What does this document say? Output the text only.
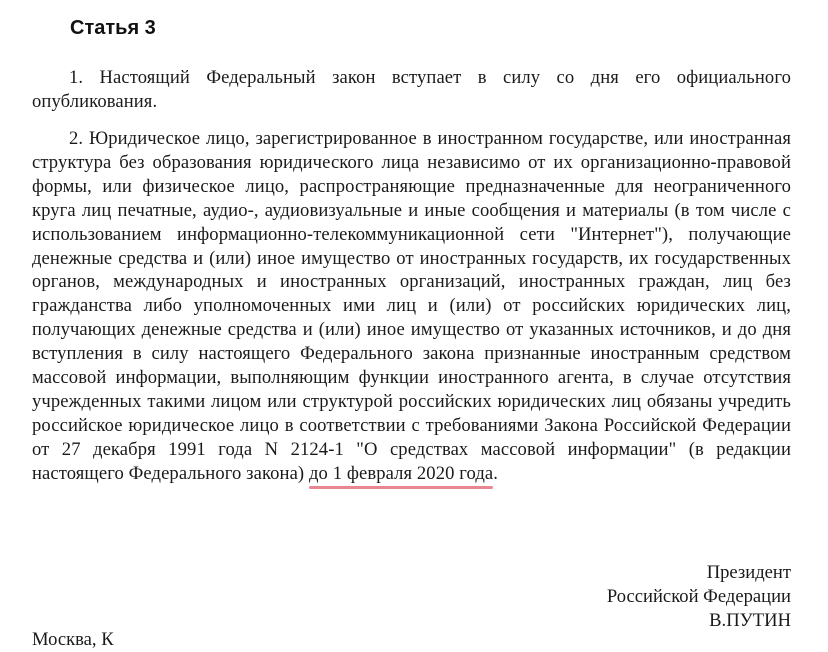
Статья 3
1. Настоящий Федеральный закон вступает в силу со дня его официального опубликования.
2. Юридическое лицо, зарегистрированное в иностранном государстве, или иностранная структура без образования юридического лица независимо от их организационно-правовой формы, или физическое лицо, распространяющие предназначенные для неограниченного круга лиц печатные, аудио-, аудиовизуальные и иные сообщения и материалы (в том числе с использованием информационно-телекоммуникационной сети "Интернет"), получающие денежные средства и (или) иное имущество от иностранных государств, их государственных органов, международных и иностранных организаций, иностранных граждан, лиц без гражданства либо уполномоченных ими лиц и (или) от российских юридических лиц, получающих денежные средства и (или) иное имущество от указанных источников, и до дня вступления в силу настоящего Федерального закона признанные иностранным средством массовой информации, выполняющим функции иностранного агента, в случае отсутствия учрежденных такими лицом или структурой российских юридических лиц обязаны учредить российское юридическое лицо в соответствии с требованиями Закона Российской Федерации от 27 декабря 1991 года N 2124-1 "О средствах массовой информации" (в редакции настоящего Федерального закона) до 1 февраля 2020 года.
Президент
Российской Федерации
В.ПУТИН
Москва, К
